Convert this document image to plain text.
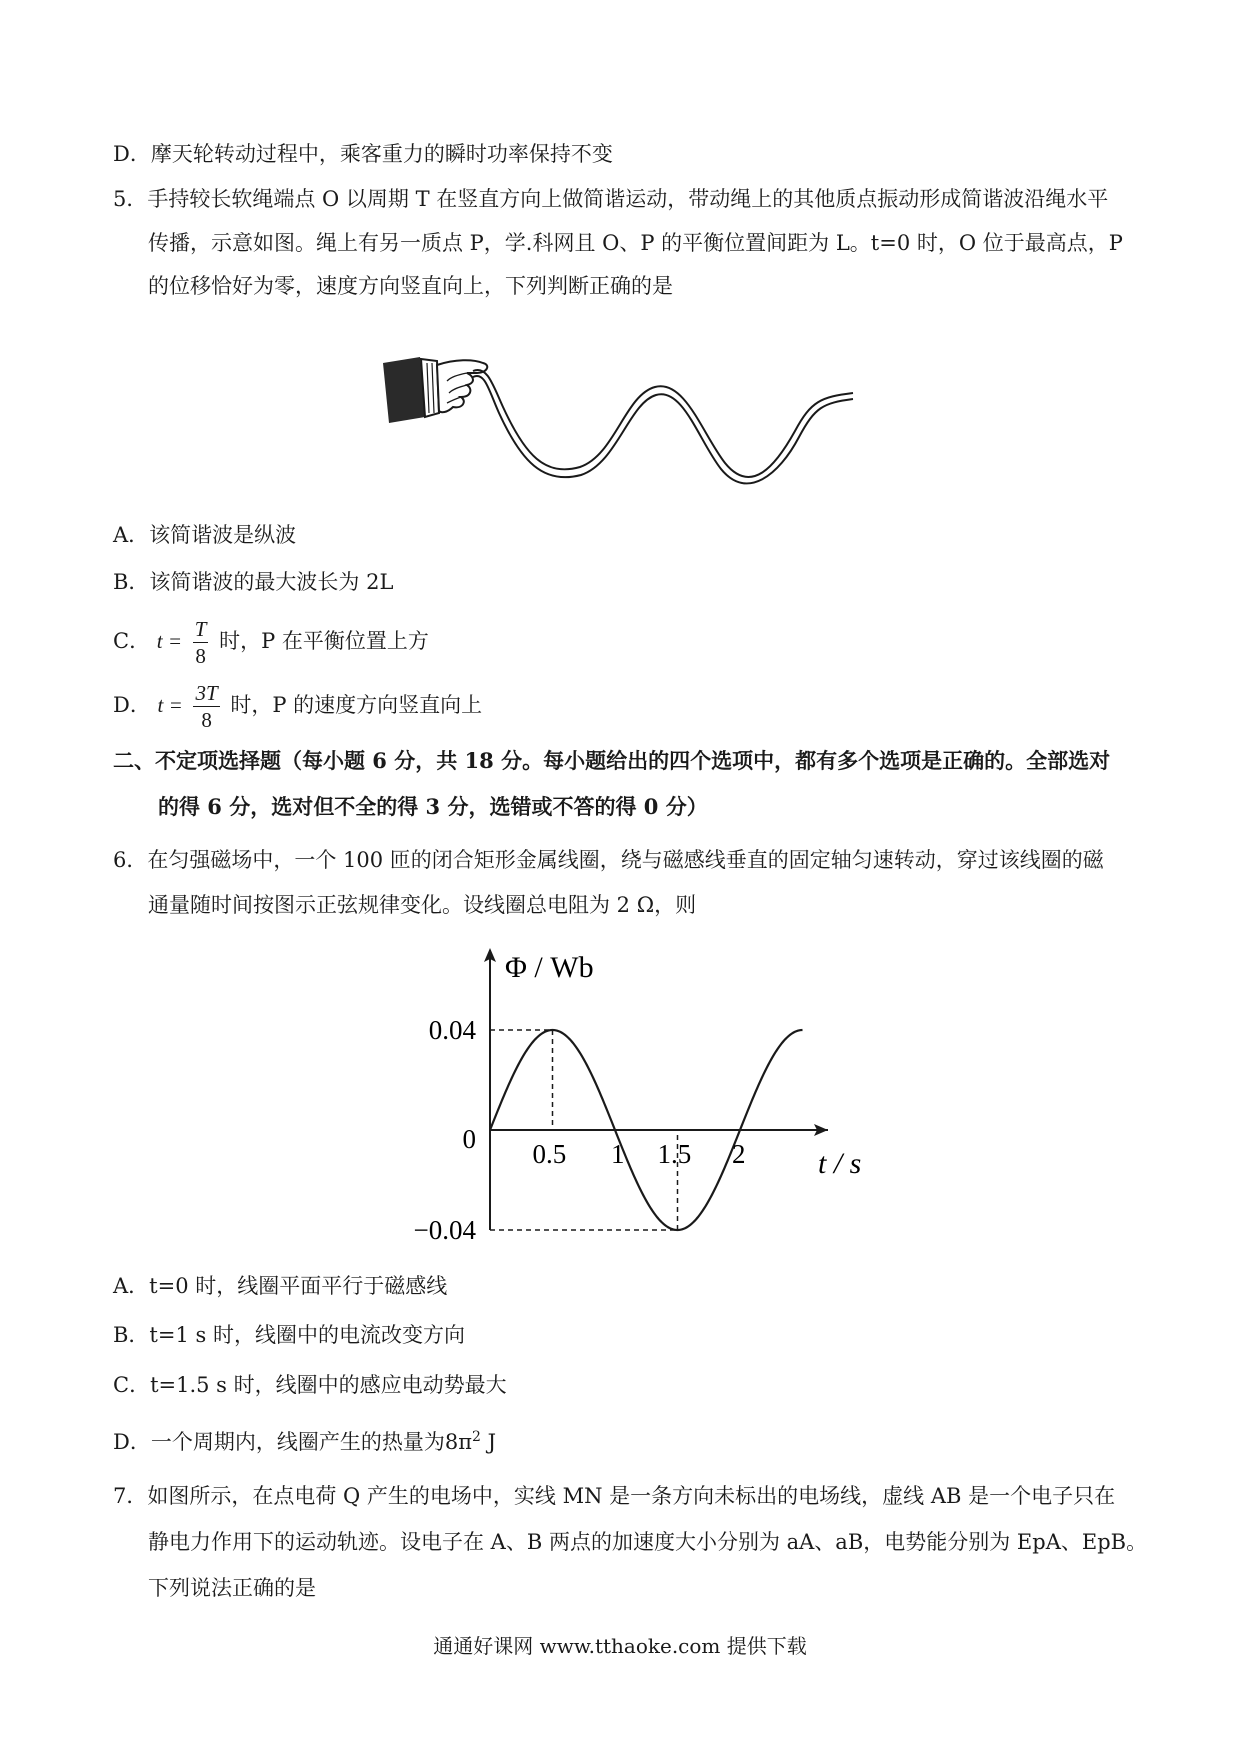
D．摩天轮转动过程中，乘客重力的瞬时功率保持不变
5．手持较长软绳端点 O 以周期 T 在竖直方向上做简谐运动，带动绳上的其他质点振动形成简谐波沿绳水平
传播，示意如图。绳上有另一质点 P，学.科网且 O、P 的平衡位置间距为 L。t=0 时，O 位于最高点，P
的位移恰好为零，速度方向竖直向上，下列判断正确的是
A．该简谐波是纵波
B．该简谐波的最大波长为 2L
C． $t = \frac{T}{8}$ 时，P 在平衡位置上方
D． $t = \frac{3T}{8}$ 时，P 的速度方向竖直向上
二、不定项选择题（每小题 6 分，共 18 分。每小题给出的四个选项中，都有多个选项是正确的。全部选对
的得 6 分，选对但不全的得 3 分，选错或不答的得 0 分）
6．在匀强磁场中，一个 100 匝的闭合矩形金属线圈，绕与磁感线垂直的固定轴匀速转动，穿过该线圈的磁
通量随时间按图示正弦规律变化。设线圈总电阻为 2 Ω，则
Φ / Wb
t / s
0.5 1 1.5 2
0.04
0
−0.04
A．t=0 时，线圈平面平行于磁感线
B．t=1 s 时，线圈中的电流改变方向
C．t=1.5 s 时，线圈中的感应电动势最大
D．一个周期内，线圈产生的热量为$8\pi^2$ J
7．如图所示，在点电荷 Q 产生的电场中，实线 MN 是一条方向未标出的电场线，虚线 AB 是一个电子只在
静电力作用下的运动轨迹。设电子在 A、B 两点的加速度大小分别为 aA、aB，电势能分别为 EpA、EpB。
下列说法正确的是
通通好课网 www.tthaoke.com 提供下载
